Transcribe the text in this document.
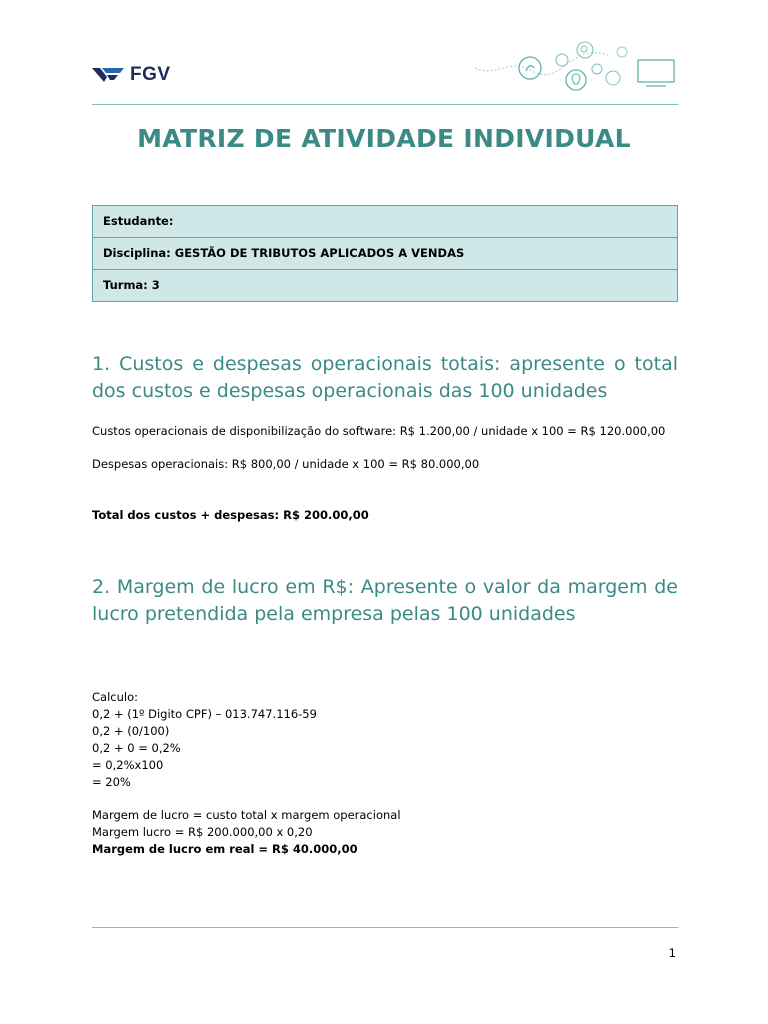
FGV
MATRIZ DE ATIVIDADE INDIVIDUAL
Estudante:
Disciplina: GESTÃO DE TRIBUTOS APLICADOS A VENDAS
Turma: 3
1. Custos e despesas operacionais totais: apresente o total dos custos e despesas operacionais das 100 unidades
Custos operacionais de disponibilização do software: R$ 1.200,00 / unidade x 100 = R$ 120.000,00
Despesas operacionais: R$ 800,00 / unidade x 100 = R$ 80.000,00
Total dos custos + despesas: R$ 200.00,00
2. Margem de lucro em R$: Apresente o valor da margem de lucro pretendida pela empresa pelas 100 unidades
Calculo:
0,2 + (1º Digito CPF) – 013.747.116-59
0,2 + (0/100)
0,2 + 0 = 0,2%
= 0,2%x100
= 20%
Margem de lucro = custo total x margem operacional
Margem lucro = R$ 200.000,00 x 0,20
Margem de lucro em real = R$ 40.000,00
1
